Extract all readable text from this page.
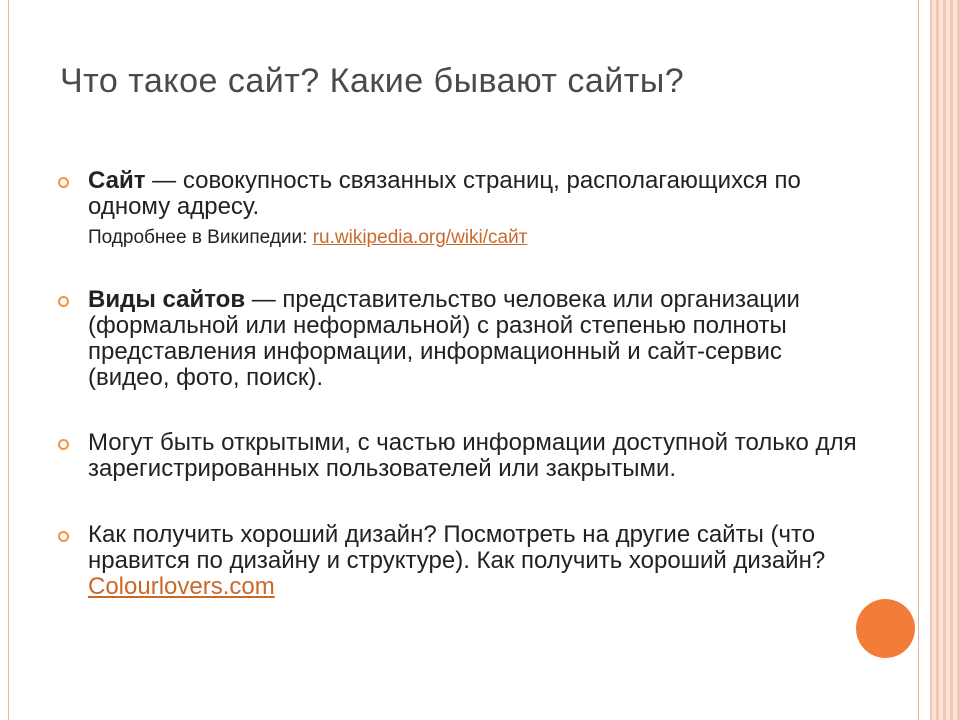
Что такое сайт? Какие бывают сайты?
Сайт — совокупность связанных страниц, располагающихся по одному адресу.
Подробнее в Википедии: ru.wikipedia.org/wiki/сайт
Виды сайтов — представительство человека или организации (формальной или неформальной) с разной степенью полноты представления информации, информационный и сайт-сервис (видео, фото, поиск).
Могут быть открытыми, с частью информации доступной только для зарегистрированных пользователей или закрытыми.
Как получить хороший дизайн? Посмотреть на другие сайты (что нравится по дизайну и структуре). Как получить хороший дизайн? Colourlovers.com
